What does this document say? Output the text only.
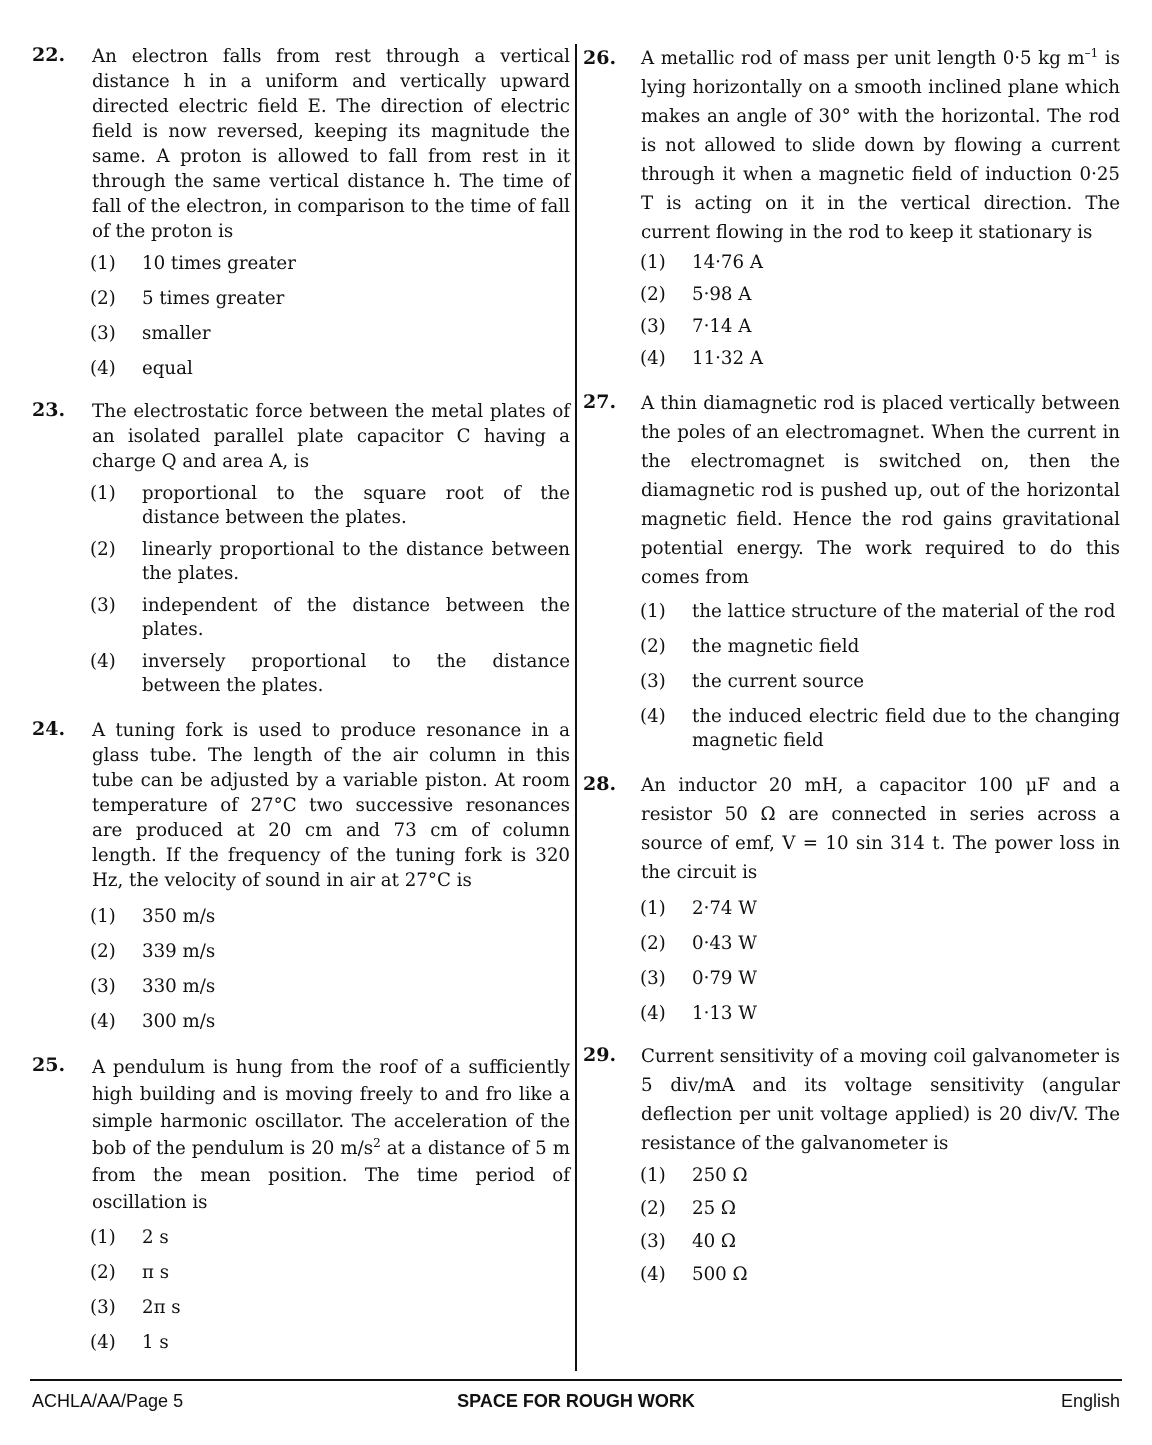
22. An electron falls from rest through a vertical distance h in a uniform and vertically upward directed electric field E. The direction of electric field is now reversed, keeping its magnitude the same. A proton is allowed to fall from rest in it through the same vertical distance h. The time of fall of the electron, in comparison to the time of fall of the proton is
(1) 10 times greater
(2) 5 times greater
(3) smaller
(4) equal
23. The electrostatic force between the metal plates of an isolated parallel plate capacitor C having a charge Q and area A, is
(1) proportional to the square root of the distance between the plates.
(2) linearly proportional to the distance between the plates.
(3) independent of the distance between the plates.
(4) inversely proportional to the distance between the plates.
24. A tuning fork is used to produce resonance in a glass tube. The length of the air column in this tube can be adjusted by a variable piston. At room temperature of 27°C two successive resonances are produced at 20 cm and 73 cm of column length. If the frequency of the tuning fork is 320 Hz, the velocity of sound in air at 27°C is
(1) 350 m/s
(2) 339 m/s
(3) 330 m/s
(4) 300 m/s
25. A pendulum is hung from the roof of a sufficiently high building and is moving freely to and fro like a simple harmonic oscillator. The acceleration of the bob of the pendulum is 20 $m/s^2$ at a distance of 5 m from the mean position. The time period of oscillation is
(1) 2 s
(2) π s
(3) 2π s
(4) 1 s
26. A metallic rod of mass per unit length 0·5 kg $m^{-1}$ is lying horizontally on a smooth inclined plane which makes an angle of 30° with the horizontal. The rod is not allowed to slide down by flowing a current through it when a magnetic field of induction 0·25 T is acting on it in the vertical direction. The current flowing in the rod to keep it stationary is
(1) 14·76 A
(2) 5·98 A
(3) 7·14 A
(4) 11·32 A
27. A thin diamagnetic rod is placed vertically between the poles of an electromagnet. When the current in the electromagnet is switched on, then the diamagnetic rod is pushed up, out of the horizontal magnetic field. Hence the rod gains gravitational potential energy. The work required to do this comes from
(1) the lattice structure of the material of the rod
(2) the magnetic field
(3) the current source
(4) the induced electric field due to the changing magnetic field
28. An inductor 20 mH, a capacitor 100 μF and a resistor 50 Ω are connected in series across a source of emf, V = 10 sin 314 t. The power loss in the circuit is
(1) 2·74 W
(2) 0·43 W
(3) 0·79 W
(4) 1·13 W
29. Current sensitivity of a moving coil galvanometer is 5 div/mA and its voltage sensitivity (angular deflection per unit voltage applied) is 20 div/V. The resistance of the galvanometer is
(1) 250 Ω
(2) 25 Ω
(3) 40 Ω
(4) 500 Ω
SPACE FOR ROUGH WORK
ACHLA/AA/Page 5	English
